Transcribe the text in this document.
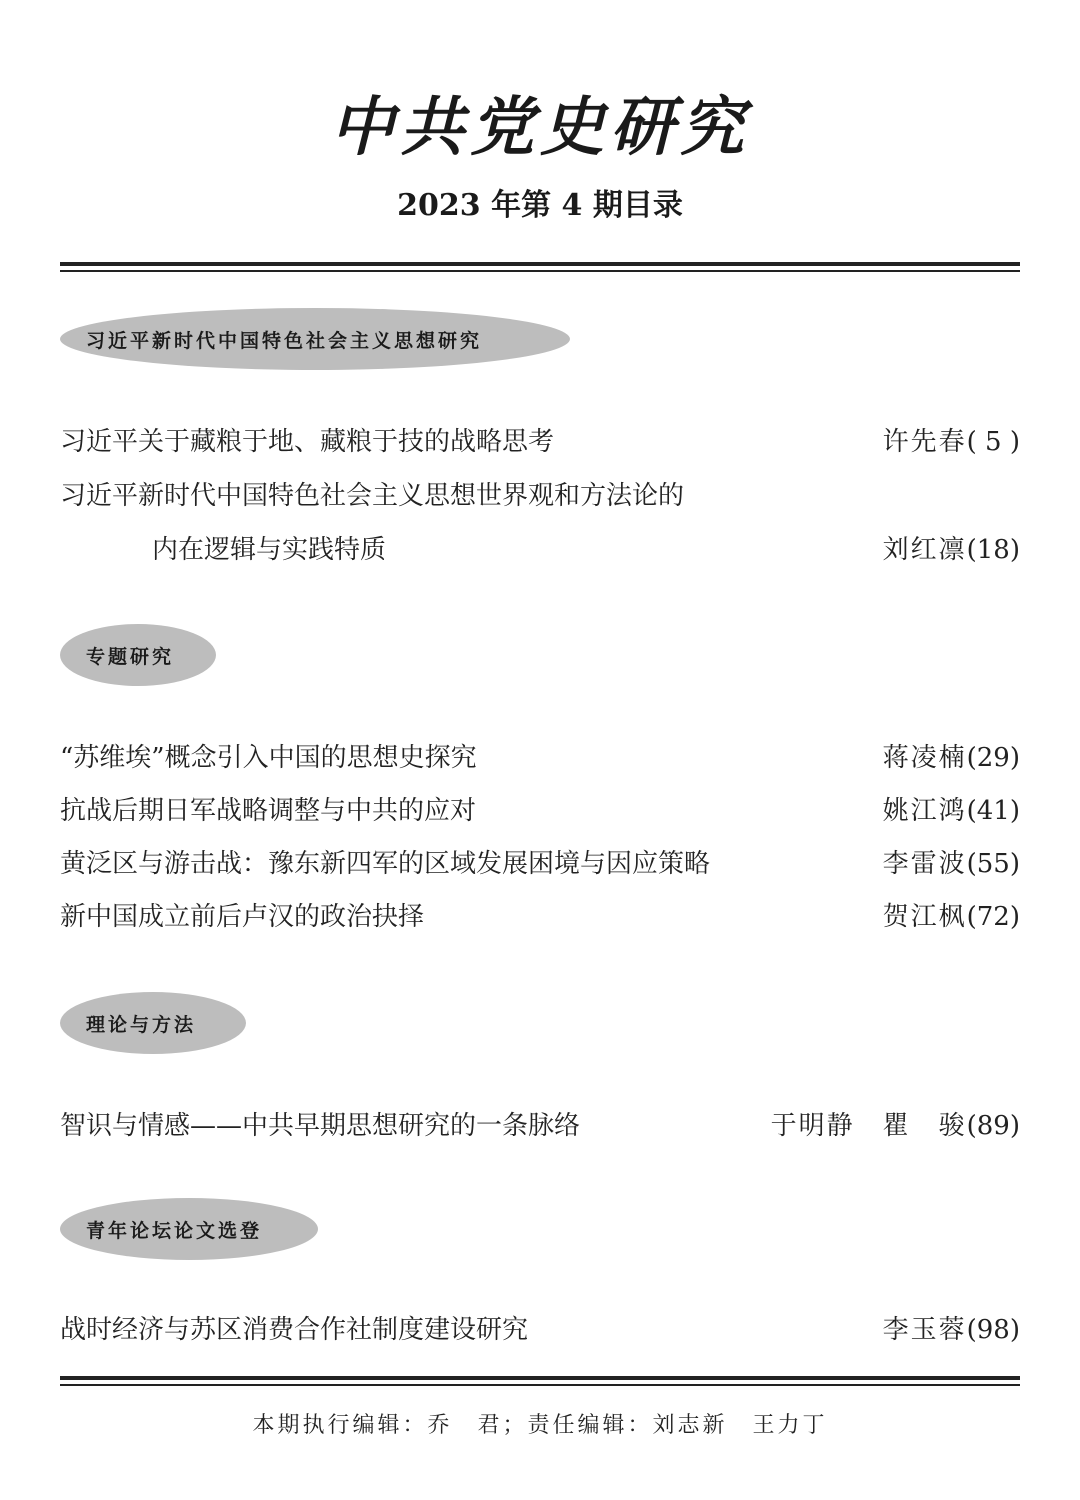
中共党史研究
2023 年第 4 期目录
习近平新时代中国特色社会主义思想研究
习近平关于藏粮于地、藏粮于技的战略思考	许先春( 5 )
习近平新时代中国特色社会主义思想世界观和方法论的
内在逻辑与实践特质	刘红凛(18)
专题研究
“苏维埃”概念引入中国的思想史探究	蒋凌楠(29)
抗战后期日军战略调整与中共的应对	姚江鸿(41)
黄泛区与游击战：豫东新四军的区域发展困境与因应策略	李雷波(55)
新中国成立前后卢汉的政治抉择	贺江枫(72)
理论与方法
智识与情感——中共早期思想研究的一条脉络	于明静　瞿　骏(89)
青年论坛论文选登
战时经济与苏区消费合作社制度建设研究	李玉蓉(98)
本期执行编辑：乔　君；责任编辑：刘志新　王力丁
